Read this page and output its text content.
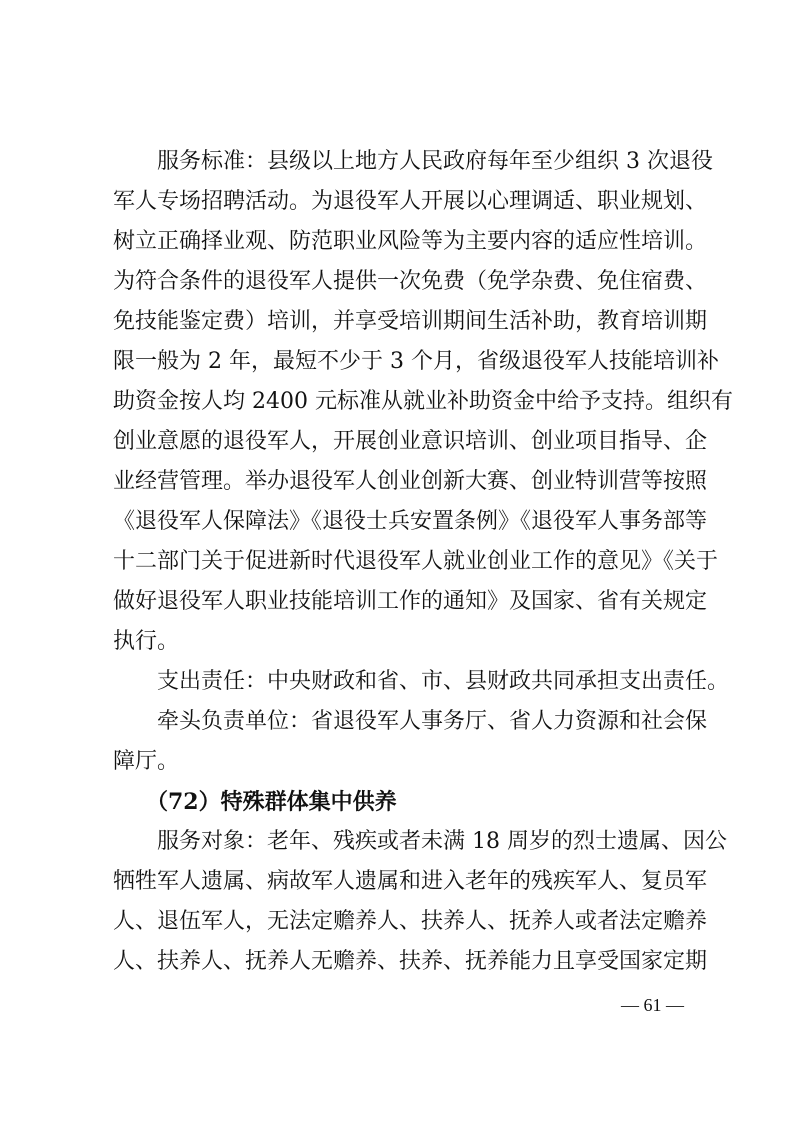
　　服务标准：县级以上地方人民政府每年至少组织 3 次退役
军人专场招聘活动。为退役军人开展以心理调适、职业规划、
树立正确择业观、防范职业风险等为主要内容的适应性培训。
为符合条件的退役军人提供一次免费（免学杂费、免住宿费、
免技能鉴定费）培训，并享受培训期间生活补助，教育培训期
限一般为 2 年，最短不少于 3 个月，省级退役军人技能培训补
助资金按人均 2400 元标准从就业补助资金中给予支持。组织有
创业意愿的退役军人，开展创业意识培训、创业项目指导、企
业经营管理。举办退役军人创业创新大赛、创业特训营等按照
《退役军人保障法》《退役士兵安置条例》《退役军人事务部等
十二部门关于促进新时代退役军人就业创业工作的意见》《关于
做好退役军人职业技能培训工作的通知》及国家、省有关规定
执行。
　　支出责任：中央财政和省、市、县财政共同承担支出责任。
　　牵头负责单位：省退役军人事务厅、省人力资源和社会保
障厅。
　　（72）特殊群体集中供养
　　服务对象：老年、残疾或者未满 18 周岁的烈士遗属、因公
牺牲军人遗属、病故军人遗属和进入老年的残疾军人、复员军
人、退伍军人，无法定赡养人、扶养人、抚养人或者法定赡养
人、扶养人、抚养人无赡养、扶养、抚养能力且享受国家定期
— 61 —
